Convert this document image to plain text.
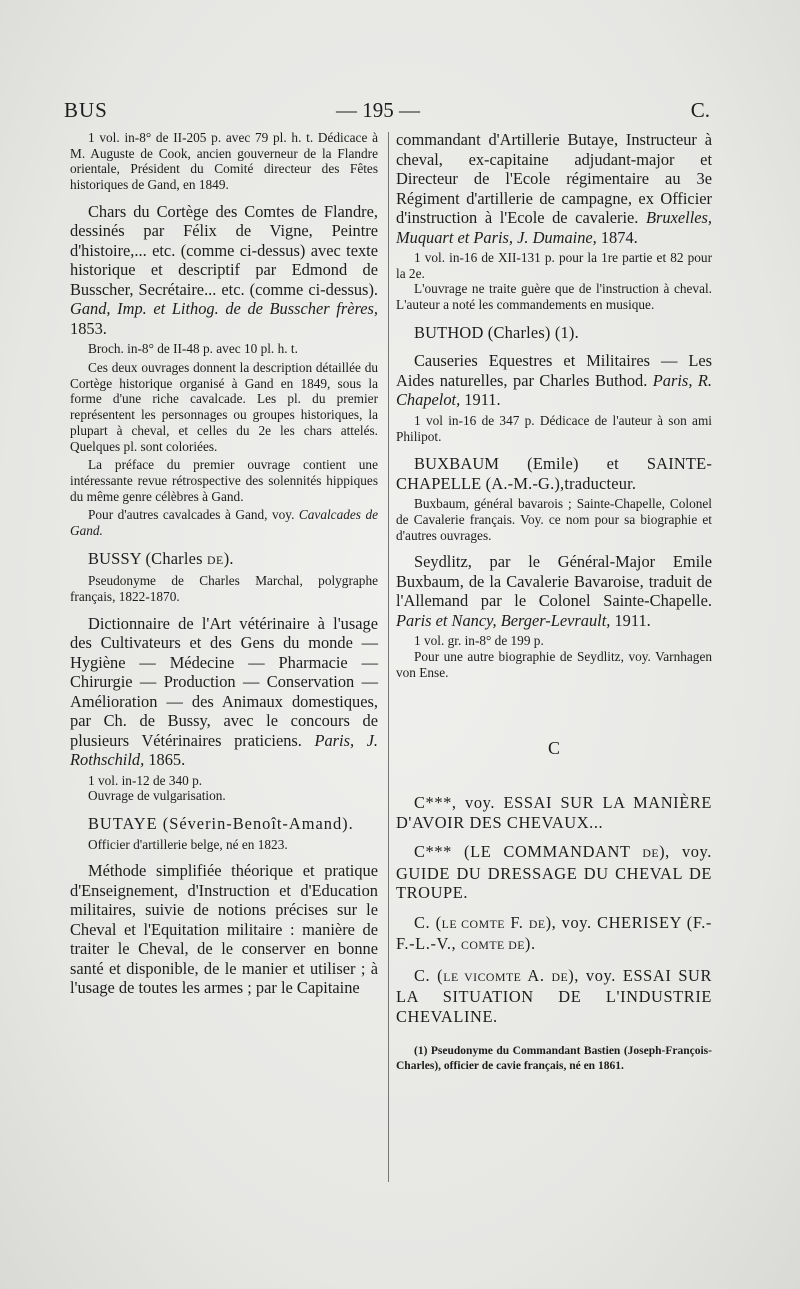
BUS	— 195 —	C.

1 vol. in-8° de II-205 p. avec 79 pl. h. t. Dédicace à M. Auguste de Cook, ancien gouverneur de la Flandre orientale, Président du Comité directeur des Fêtes historiques de Gand, en 1849.

Chars du Cortège des Comtes de Flandre, dessinés par Félix de Vigne, Peintre d'histoire,... etc. (comme ci-dessus) avec texte historique et descriptif par Edmond de Busscher, Secrétaire... etc. (comme ci-dessus). Gand, Imp. et Lithog. de de Busscher frères, 1853.

Broch. in-8° de II-48 p. avec 10 pl. h. t.

Ces deux ouvrages donnent la description détaillée du Cortège historique organisé à Gand en 1849, sous la forme d'une riche cavalcade. Les pl. du premier représentent les personnages ou groupes historiques, la plupart à cheval, et celles du 2e les chars attelés. Quelques pl. sont coloriées.

La préface du premier ouvrage contient une intéressante revue rétrospective des solennités hippiques du même genre célèbres à Gand.

Pour d'autres cavalcades à Gand, voy. Cavalcades de Gand.

BUSSY (Charles DE).

Pseudonyme de Charles Marchal, polygraphe français, 1822-1870.

Dictionnaire de l'Art vétérinaire à l'usage des Cultivateurs et des Gens du monde — Hygiène — Médecine — Pharmacie — Chirurgie — Production — Conservation — Amélioration — des Animaux domestiques, par Ch. de Bussy, avec le concours de plusieurs Vétérinaires praticiens. Paris, J. Rothschild, 1865.

1 vol. in-12 de 340 p.

Ouvrage de vulgarisation.

BUTAYE (Séverin-Benoît-Amand).

Officier d'artillerie belge, né en 1823.

Méthode simplifiée théorique et pratique d'Enseignement, d'Instruction et d'Education militaires, suivie de notions précises sur le Cheval et l'Equitation militaire : manière de traiter le Cheval, de le conserver en bonne santé et disponible, de le manier et utiliser ; à l'usage de toutes les armes ; par le Capitaine

commandant d'Artillerie Butaye, Instructeur à cheval, ex-capitaine adjudant-major et Directeur de l'Ecole régimentaire au 3e Régiment d'artillerie de campagne, ex Officier d'instruction à l'Ecole de cavalerie. Bruxelles, Muquart et Paris, J. Dumaine, 1874.

1 vol. in-16 de XII-131 p. pour la 1re partie et 82 pour la 2e.

L'ouvrage ne traite guère que de l'instruction à cheval. L'auteur a noté les commandements en musique.

BUTHOD (Charles) (1).

Causeries Equestres et Militaires — Les Aides naturelles, par Charles Buthod. Paris, R. Chapelot, 1911.

1 vol in-16 de 347 p. Dédicace de l'auteur à son ami Philipot.

BUXBAUM (Emile) et SAINTE-CHAPELLE (A.-M.-G.),traducteur.

Buxbaum, général bavarois ; Sainte-Chapelle, Colonel de Cavalerie français. Voy. ce nom pour sa biographie et d'autres ouvrages.

Seydlitz, par le Général-Major Emile Buxbaum, de la Cavalerie Bavaroise, traduit de l'Allemand par le Colonel Sainte-Chapelle. Paris et Nancy, Berger-Levrault, 1911.

1 vol. gr. in-8° de 199 p.

Pour une autre biographie de Seydlitz, voy. Varnhagen von Ense.

C

C***, voy. ESSAI SUR LA MANIÈRE D'AVOIR DES CHEVAUX...

C*** (LE COMMANDANT DE), voy. GUIDE DU DRESSAGE DU CHEVAL DE TROUPE.

C. (LE COMTE F. DE), voy. CHERISEY (F.-F.-L.-V., COMTE DE).

C. (LE VICOMTE A. DE), voy. ESSAI SUR LA SITUATION DE L'INDUSTRIE CHEVALINE.

(1) Pseudonyme du Commandant Bastien (Joseph-François-Charles), officier de cavie français, né en 1861.
